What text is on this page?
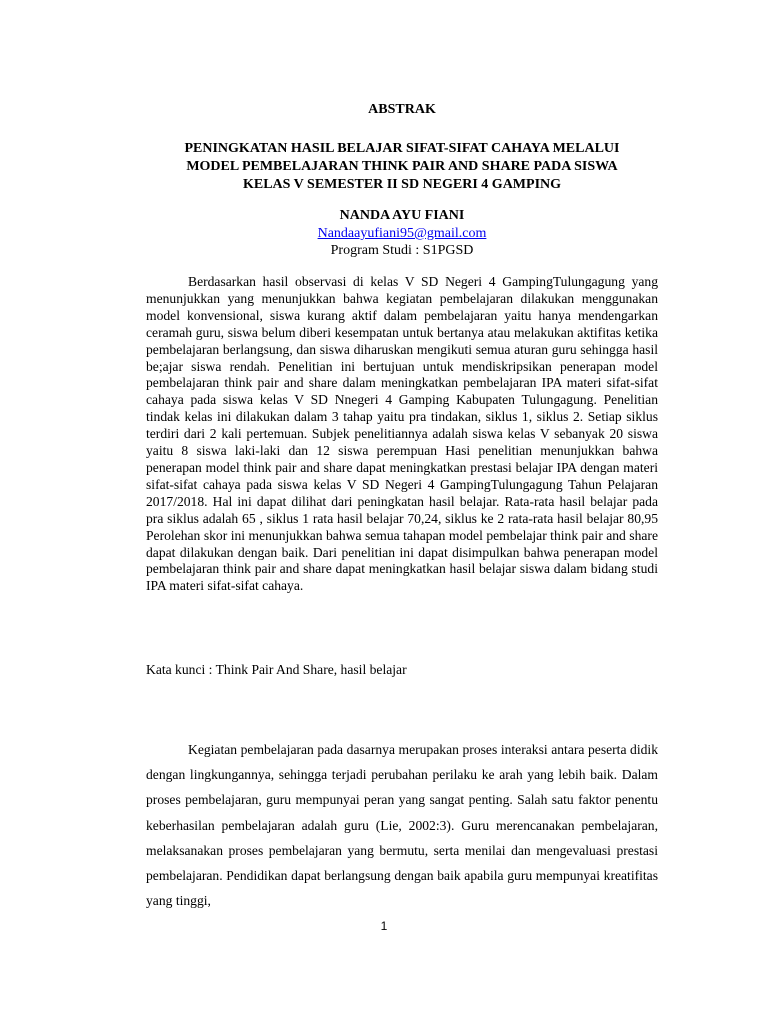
ABSTRAK
PENINGKATAN HASIL BELAJAR SIFAT-SIFAT CAHAYA MELALUI
MODEL PEMBELAJARAN THINK PAIR AND SHARE PADA SISWA
KELAS V SEMESTER II SD NEGERI 4 GAMPING
NANDA AYU FIANI
Nandaayufiani95@gmail.com
Program Studi : S1PGSD

Berdasarkan hasil observasi di kelas V SD Negeri 4 GampingTulungagung yang menunjukkan yang menunjukkan bahwa kegiatan pembelajaran dilakukan menggunakan model konvensional, siswa kurang aktif dalam pembelajaran yaitu hanya mendengarkan ceramah guru, siswa belum diberi kesempatan untuk bertanya atau melakukan aktifitas ketika pembelajaran berlangsung, dan siswa diharuskan mengikuti semua aturan guru sehingga hasil be;ajar siswa rendah. Penelitian ini bertujuan untuk mendiskripsikan penerapan model pembelajaran think pair and share dalam meningkatkan pembelajaran IPA materi sifat-sifat cahaya pada siswa kelas V SD Nnegeri 4 Gamping Kabupaten Tulungagung. Penelitian tindak kelas ini dilakukan dalam 3 tahap yaitu pra tindakan, siklus 1, siklus 2. Setiap siklus terdiri dari 2 kali pertemuan. Subjek penelitiannya adalah siswa kelas V sebanyak 20 siswa yaitu 8 siswa laki-laki dan 12 siswa perempuan Hasi penelitian menunjukkan bahwa penerapan model think pair and share dapat meningkatkan prestasi belajar IPA dengan materi sifat-sifat cahaya pada siswa kelas V SD Negeri 4 GampingTulungagung Tahun Pelajaran 2017/2018. Hal ini dapat dilihat dari peningkatan hasil belajar. Rata-rata hasil belajar pada pra siklus adalah 65 , siklus 1 rata hasil belajar 70,24, siklus ke 2 rata-rata hasil belajar 80,95 Perolehan skor ini menunjukkan bahwa semua tahapan model pembelajar think pair and share dapat dilakukan dengan baik. Dari penelitian ini dapat disimpulkan bahwa penerapan model pembelajaran think pair and share dapat meningkatkan hasil belajar siswa dalam bidang studi IPA materi sifat-sifat cahaya.

Kata kunci : Think Pair And Share, hasil belajar

Kegiatan pembelajaran pada dasarnya merupakan proses interaksi antara peserta didik dengan lingkungannya, sehingga terjadi perubahan perilaku ke arah yang lebih baik. Dalam proses pembelajaran, guru mempunyai peran yang sangat penting. Salah satu faktor penentu keberhasilan pembelajaran adalah guru (Lie, 2002:3). Guru merencanakan pembelajaran, melaksanakan proses pembelajaran yang bermutu, serta menilai dan mengevaluasi prestasi pembelajaran. Pendidikan dapat berlangsung dengan baik apabila guru mempunyai kreatifitas yang tinggi,

1
